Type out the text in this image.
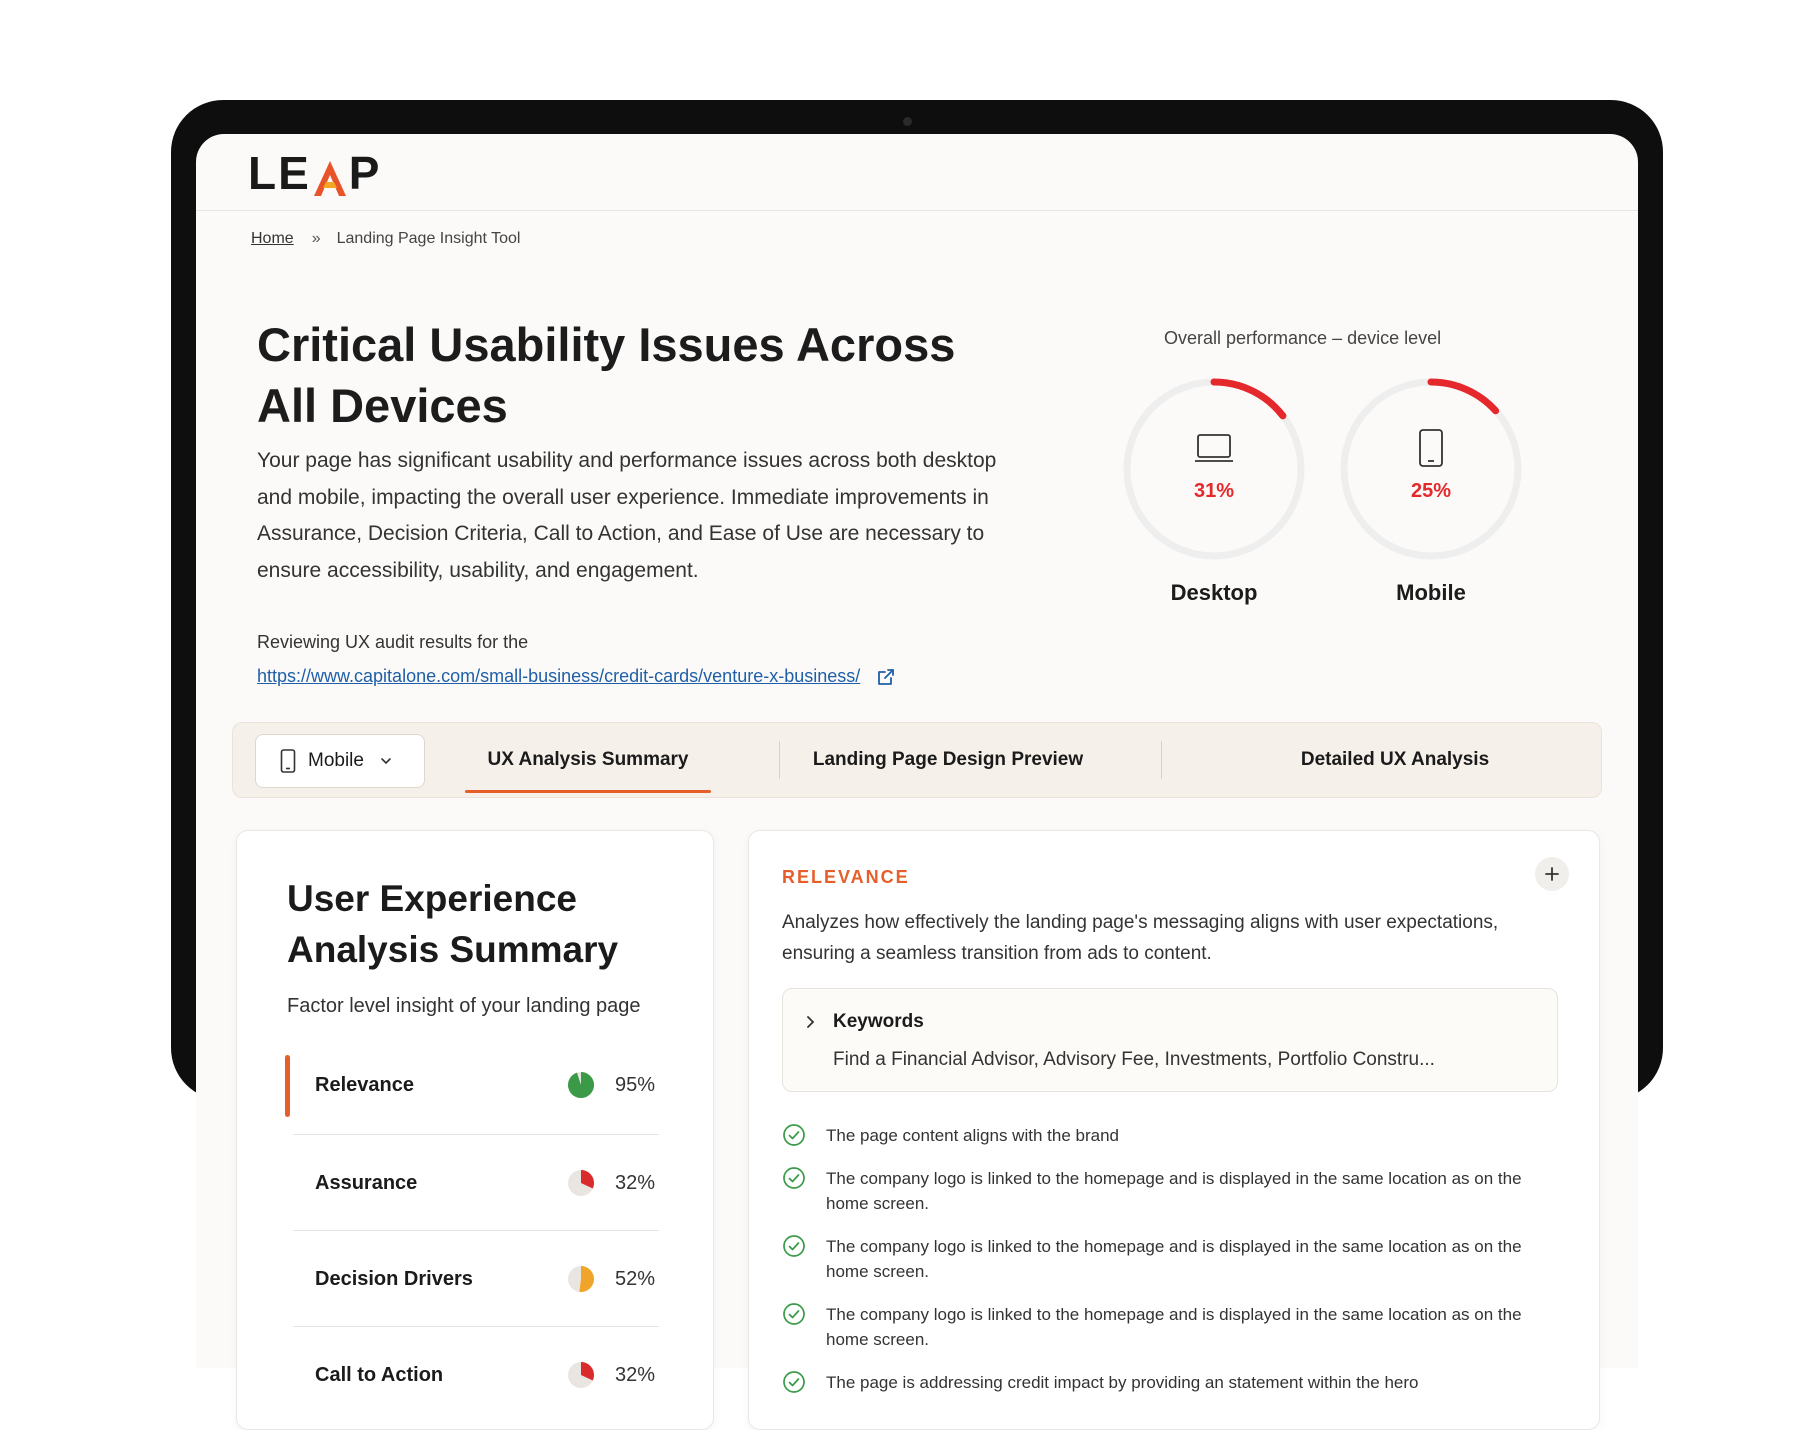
LE P
Home » Landing Page Insight Tool
Critical Usability Issues Across All Devices

Your page has significant usability and performance issues across both desktop and mobile, impacting the overall user experience. Immediate improvements in Assurance, Decision Criteria, Call to Action, and Ease of Use are necessary to ensure accessibility, usability, and engagement.

Reviewing UX audit results for the
https://www.capitalone.com/small-business/credit-cards/venture-x-business/
Overall performance – device level
31%
Desktop
25%
Mobile
Mobile	UX Analysis Summary	Landing Page Design Preview	Detailed UX Analysis
User Experience Analysis Summary
Factor level insight of your landing page
Relevance	95%
Assurance	32%
Decision Drivers	52%
Call to Action	32%
RELEVANCE

Analyzes how effectively the landing page's messaging aligns with user expectations, ensuring a seamless transition from ads to content.

Keywords
Find a Financial Advisor, Advisory Fee, Investments, Portfolio Constru...
The page content aligns with the brand
The company logo is linked to the homepage and is displayed in the same location as on the home screen.
The company logo is linked to the homepage and is displayed in the same location as on the home screen.
The company logo is linked to the homepage and is displayed in the same location as on the home screen.
The page is addressing credit impact by providing an statement within the hero
